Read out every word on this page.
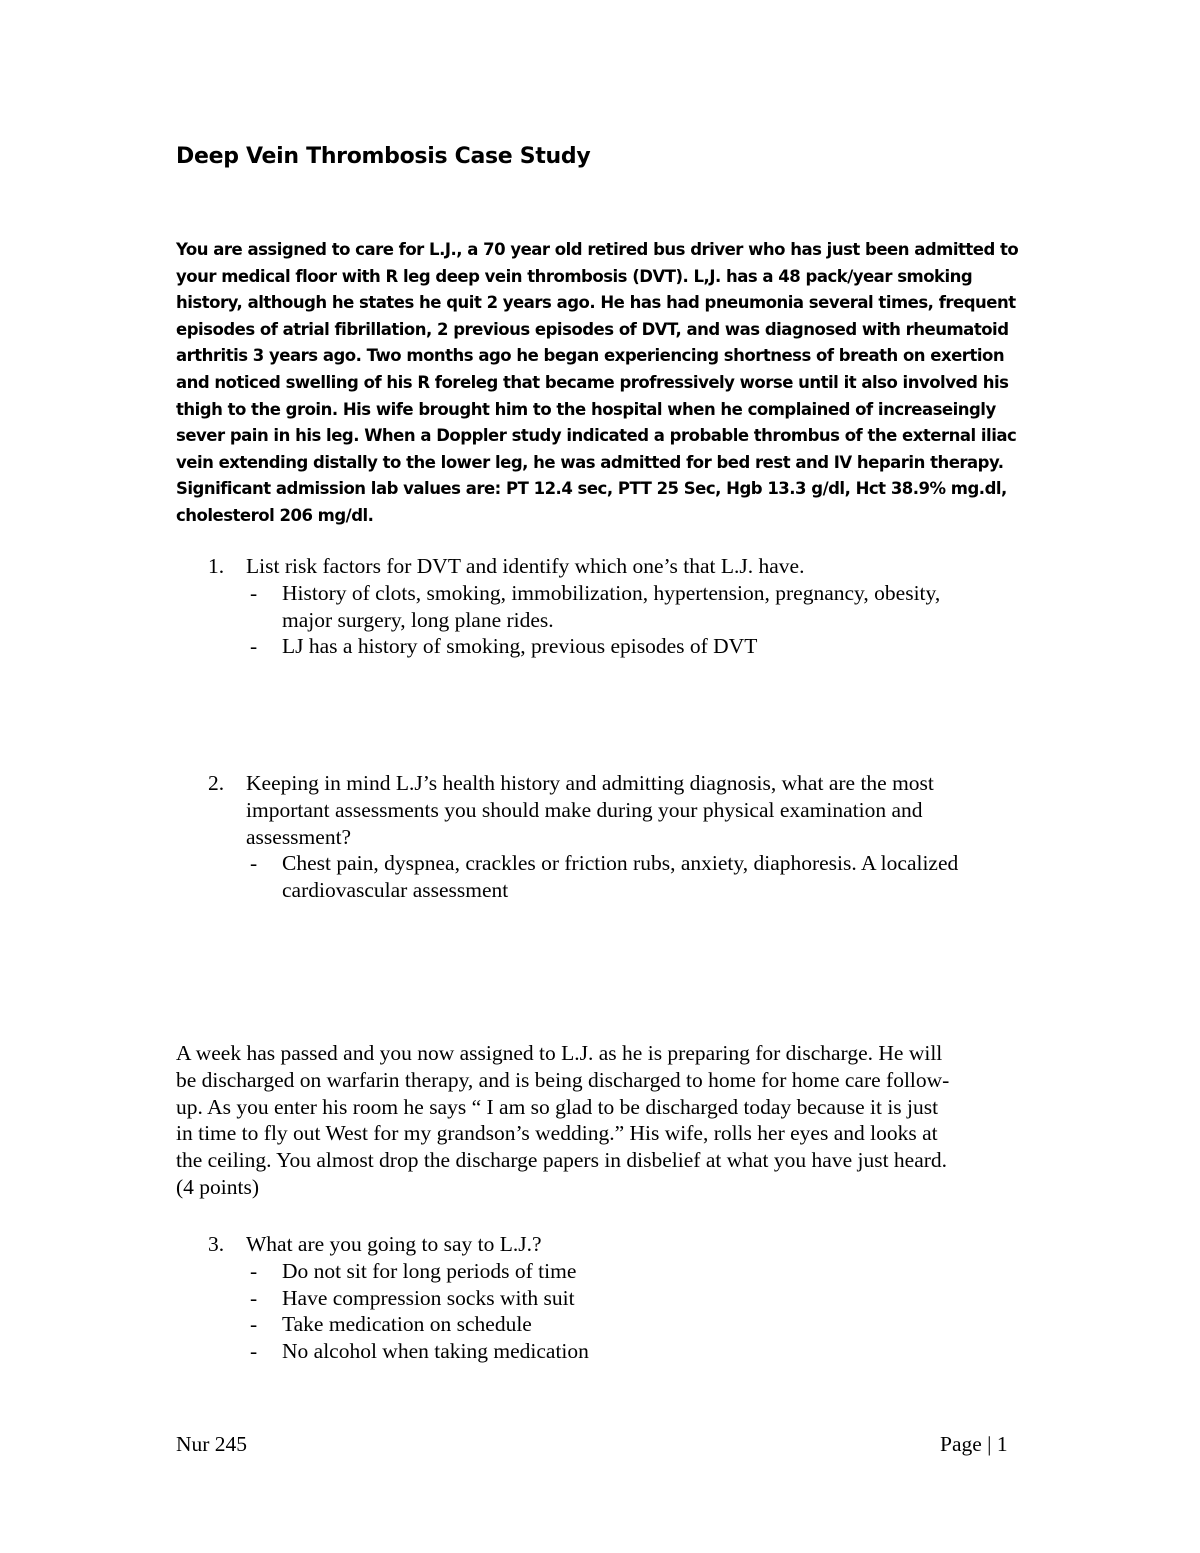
Deep Vein Thrombosis Case Study
You are assigned to care for L.J., a 70 year old retired bus driver who has just been admitted to
your medical floor with R leg deep vein thrombosis (DVT). L,J. has a 48 pack/year smoking
history, although he states he quit 2 years ago. He has had pneumonia several times, frequent
episodes of atrial fibrillation, 2 previous episodes of DVT, and was diagnosed with rheumatoid
arthritis 3 years ago. Two months ago he began experiencing shortness of breath on exertion
and noticed swelling of his R foreleg that became profressively worse until it also involved his
thigh to the groin. His wife brought him to the hospital when he complained of increaseingly
sever pain in his leg. When a Doppler study indicated a probable thrombus of the external iliac
vein extending distally to the lower leg, he was admitted for bed rest and IV heparin therapy.
Significant admission lab values are: PT 12.4 sec, PTT 25 Sec, Hgb 13.3 g/dl, Hct 38.9% mg.dl,
cholesterol 206 mg/dl.
1. List risk factors for DVT and identify which one’s that L.J. have.
- History of clots, smoking, immobilization, hypertension, pregnancy, obesity,
major surgery, long plane rides.
- LJ has a history of smoking, previous episodes of DVT
2. Keeping in mind L.J’s health history and admitting diagnosis, what are the most
important assessments you should make during your physical examination and
assessment?
- Chest pain, dyspnea, crackles or friction rubs, anxiety, diaphoresis. A localized
cardiovascular assessment
A week has passed and you now assigned to L.J. as he is preparing for discharge. He will
be discharged on warfarin therapy, and is being discharged to home for home care follow-
up. As you enter his room he says “ I am so glad to be discharged today because it is just
in time to fly out West for my grandson’s wedding.” His wife, rolls her eyes and looks at
the ceiling. You almost drop the discharge papers in disbelief at what you have just heard.
(4 points)
3. What are you going to say to L.J.?
- Do not sit for long periods of time
- Have compression socks with suit
- Take medication on schedule
- No alcohol when taking medication
Nur 245	Page | 1
